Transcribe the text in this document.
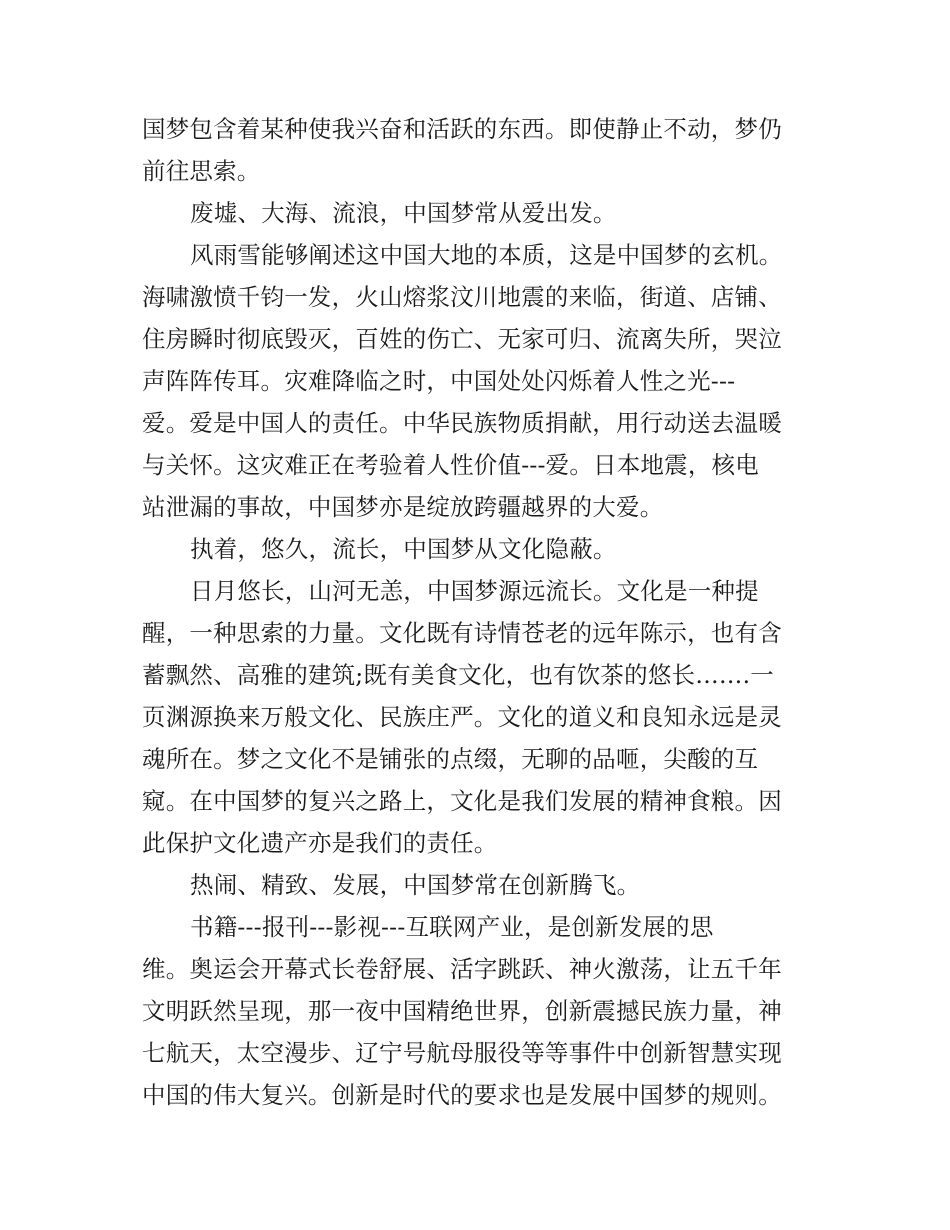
国梦包含着某种使我兴奋和活跃的东西。即使静止不动，梦仍
前往思索。
废墟、大海、流浪，中国梦常从爱出发。
风雨雪能够阐述这中国大地的本质，这是中国梦的玄机。
海啸激愤千钧一发，火山熔浆汶川地震的来临，街道、店铺、
住房瞬时彻底毁灭，百姓的伤亡、无家可归、流离失所，哭泣
声阵阵传耳。灾难降临之时，中国处处闪烁着人性之光---
爱。爱是中国人的责任。中华民族物质捐献，用行动送去温暖
与关怀。这灾难正在考验着人性价值---爱。日本地震，核电
站泄漏的事故，中国梦亦是绽放跨疆越界的大爱。
执着，悠久，流长，中国梦从文化隐蔽。
日月悠长，山河无恙，中国梦源远流长。文化是一种提
醒，一种思索的力量。文化既有诗情苍老的远年陈示，也有含
蓄飘然、高雅的建筑;既有美食文化，也有饮茶的悠长…….一
页渊源换来万般文化、民族庄严。文化的道义和良知永远是灵
魂所在。梦之文化不是铺张的点缀，无聊的品咂，尖酸的互
窥。在中国梦的复兴之路上，文化是我们发展的精神食粮。因
此保护文化遗产亦是我们的责任。
热闹、精致、发展，中国梦常在创新腾飞。
书籍---报刊---影视---互联网产业，是创新发展的思
维。奥运会开幕式长卷舒展、活字跳跃、神火激荡，让五千年
文明跃然呈现，那一夜中国精绝世界，创新震撼民族力量，神
七航天，太空漫步、辽宁号航母服役等等事件中创新智慧实现
中国的伟大复兴。创新是时代的要求也是发展中国梦的规则。
